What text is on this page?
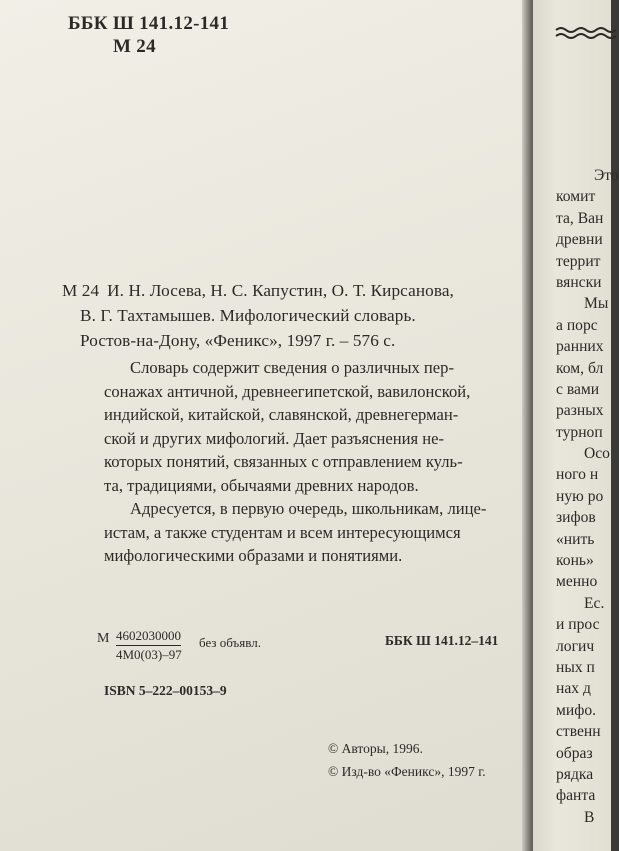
ББК Ш 141.12-141
М 24
М 24 И. Н. Лосева, Н. С. Капустин, О. Т. Кирсанова,
В. Г. Тахтамышев. Мифологический словарь.
Ростов-на-Дону, «Феникс», 1997 г. – 576 с.

Словарь содержит сведения о различных пер-

сонажах античной, древнеегипетской, вавилонской,
индийской, китайской, славянской, древнегерман-
ской и других мифологий. Дает разъяснения не-
которых понятий, связанных с отправлением куль-
та, традициями, обычаями древних народов.

Адресуется, в первую очередь, школьникам, лице-

истам, а также студентам и всем интересующимся
мифологическими образами и понятиями.
М 4602030000
4М0(03)–97
без объявл.	ББК Ш 141.12–141
ISBN 5–222–00153–9
© Авторы, 1996.
© Изд-во «Феникс», 1997 г.
Это
комит
та, Ван
древни
террит
вянски
Мы
а порс
ранних
ком, бл
с вами
разных
турноп
Осо
ного н
ную ро
зифов
«нить
конь»
менно
Ес.
и прос
логич
ных п
нах д
мифо.
ственн
образ
рядка
фанта
В
